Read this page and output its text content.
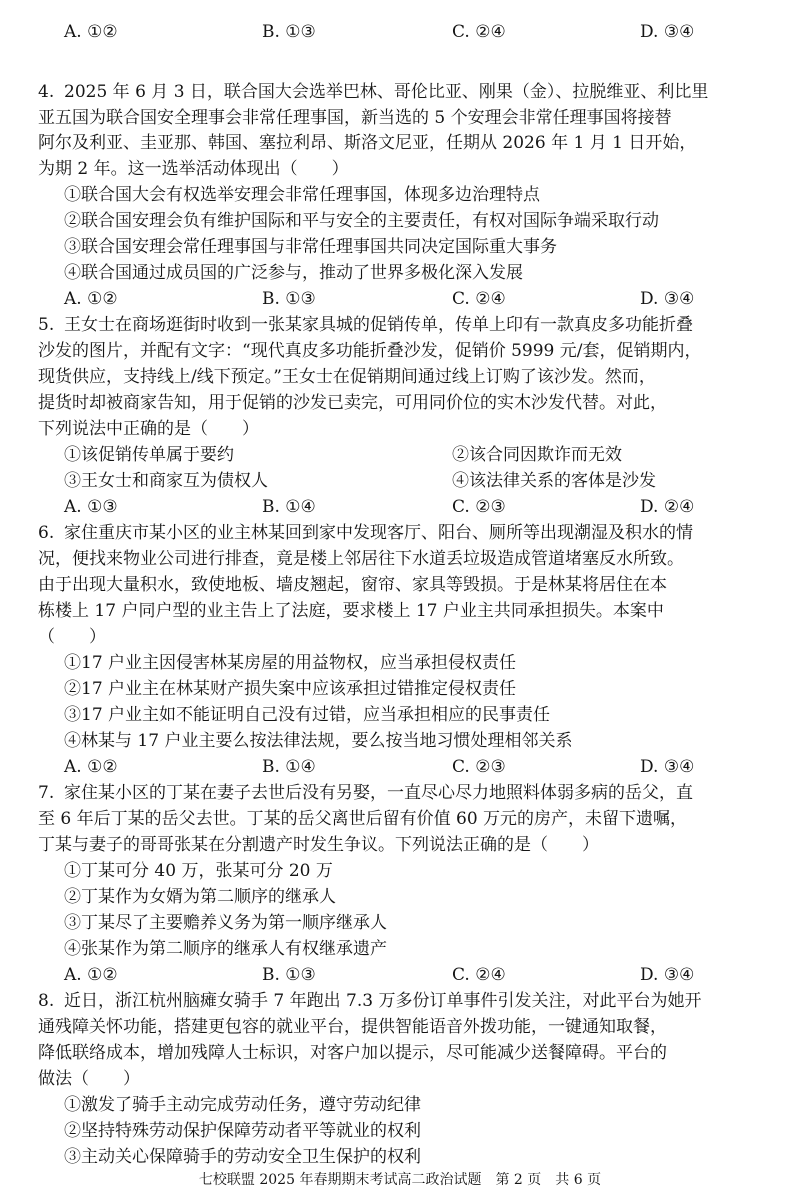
A. ①②	B. ①③	C. ②④	D. ③④
4. 2025 年 6 月 3 日，联合国大会选举巴林、哥伦比亚、刚果（金）、拉脱维亚、利比里
亚五国为联合国安全理事会非常任理事国，新当选的 5 个安理会非常任理事国将接替
阿尔及利亚、圭亚那、韩国、塞拉利昂、斯洛文尼亚，任期从 2026 年 1 月 1 日开始，
为期 2 年。这一选举活动体现出（　　）
①联合国大会有权选举安理会非常任理事国，体现多边治理特点
②联合国安理会负有维护国际和平与安全的主要责任，有权对国际争端采取行动
③联合国安理会常任理事国与非常任理事国共同决定国际重大事务
④联合国通过成员国的广泛参与，推动了世界多极化深入发展
A. ①②	B. ①③	C. ②④	D. ③④
5. 王女士在商场逛街时收到一张某家具城的促销传单，传单上印有一款真皮多功能折叠
沙发的图片，并配有文字：“现代真皮多功能折叠沙发，促销价 5999 元/套，促销期内，
现货供应，支持线上/线下预定。”王女士在促销期间通过线上订购了该沙发。然而，
提货时却被商家告知，用于促销的沙发已卖完，可用同价位的实木沙发代替。对此，
下列说法中正确的是（　　）
①该促销传单属于要约	②该合同因欺诈而无效
③王女士和商家互为债权人	④该法律关系的客体是沙发
A. ①③	B. ①④	C. ②③	D. ②④
6. 家住重庆市某小区的业主林某回到家中发现客厅、阳台、厕所等出现潮湿及积水的情
况，便找来物业公司进行排查，竟是楼上邻居往下水道丢垃圾造成管道堵塞反水所致。
由于出现大量积水，致使地板、墙皮翘起，窗帘、家具等毁损。于是林某将居住在本
栋楼上 17 户同户型的业主告上了法庭，要求楼上 17 户业主共同承担损失。本案中
（　　）
①17 户业主因侵害林某房屋的用益物权，应当承担侵权责任
②17 户业主在林某财产损失案中应该承担过错推定侵权责任
③17 户业主如不能证明自己没有过错，应当承担相应的民事责任
④林某与 17 户业主要么按法律法规，要么按当地习惯处理相邻关系
A. ①②	B. ①④	C. ②③	D. ③④
7. 家住某小区的丁某在妻子去世后没有另娶，一直尽心尽力地照料体弱多病的岳父，直
至 6 年后丁某的岳父去世。丁某的岳父离世后留有价值 60 万元的房产，未留下遗嘱，
丁某与妻子的哥哥张某在分割遗产时发生争议。下列说法正确的是（　　）
①丁某可分 40 万，张某可分 20 万
②丁某作为女婿为第二顺序的继承人
③丁某尽了主要赡养义务为第一顺序继承人
④张某作为第二顺序的继承人有权继承遗产
A. ①②	B. ①③	C. ②④	D. ③④
8. 近日，浙江杭州脑瘫女骑手 7 年跑出 7.3 万多份订单事件引发关注，对此平台为她开
通残障关怀功能，搭建更包容的就业平台，提供智能语音外拨功能，一键通知取餐，
降低联络成本，增加残障人士标识，对客户加以提示，尽可能减少送餐障碍。平台的
做法（　　）
①激发了骑手主动完成劳动任务，遵守劳动纪律
②坚持特殊劳动保护保障劳动者平等就业的权利
③主动关心保障骑手的劳动安全卫生保护的权利
七校联盟 2025 年春期期末考试高二政治试题　第 2 页　共 6 页
